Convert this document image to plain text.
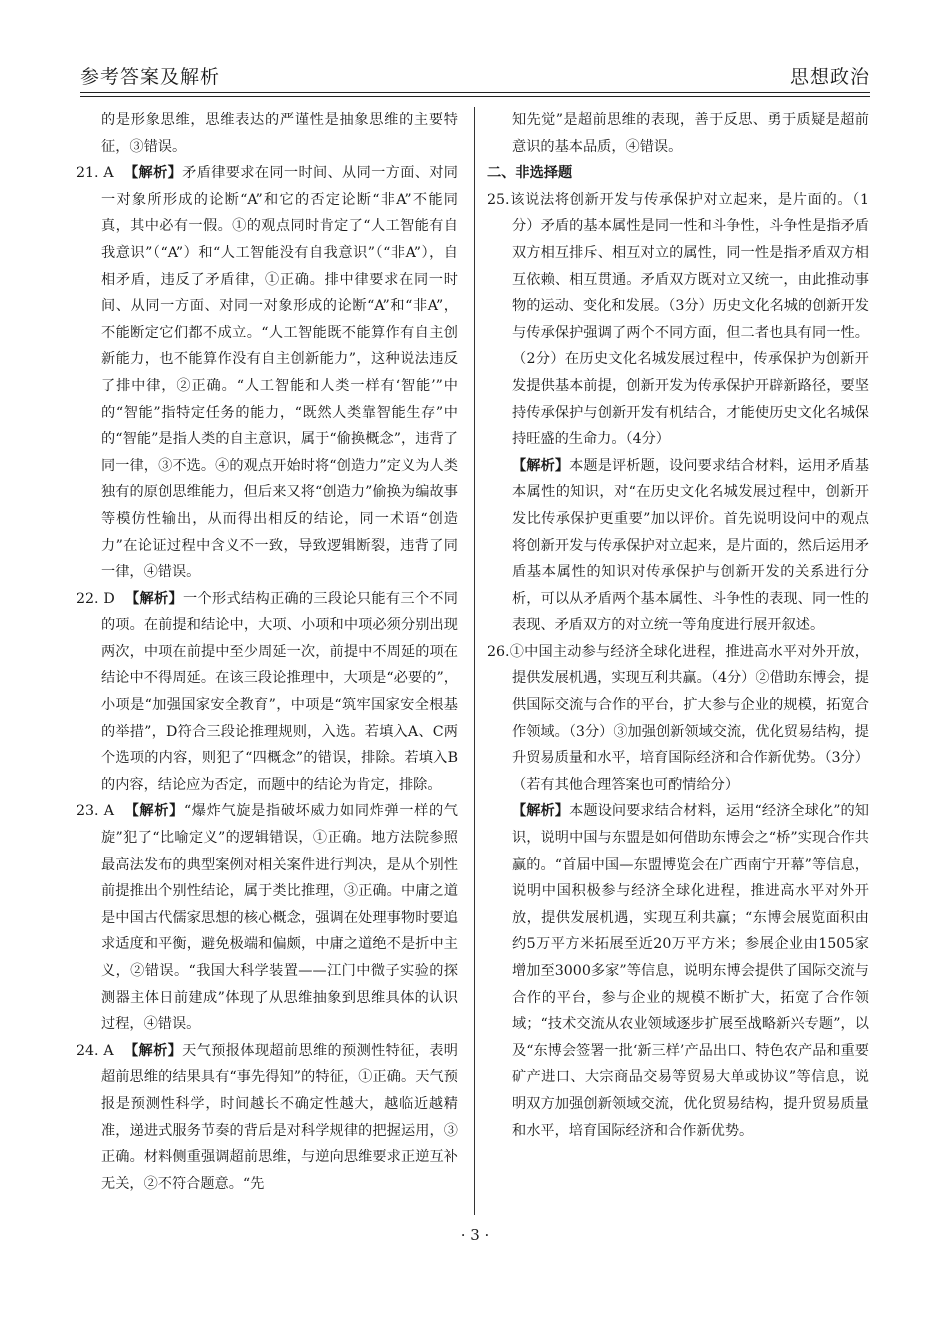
参考答案及解析	思想政治

的是形象思维，思维表达的严谨性是抽象思维的主要特征，③错误。

21. A 【解析】矛盾律要求在同一时间、从同一方面、对同一对象所形成的论断“A”和它的否定论断“非A”不能同真，其中必有一假。①的观点同时肯定了“人工智能有自我意识”（“A”）和“人工智能没有自我意识”（“非A”），自相矛盾，违反了矛盾律，①正确。排中律要求在同一时间、从同一方面、对同一对象形成的论断“A”和“非A”，不能断定它们都不成立。“人工智能既不能算作有自主创新能力，也不能算作没有自主创新能力”，这种说法违反了排中律，②正确。“人工智能和人类一样有‘智能’”中的“智能”指特定任务的能力，“既然人类靠智能生存”中的“智能”是指人类的自主意识，属于“偷换概念”，违背了同一律，③不选。④的观点开始时将“创造力”定义为人类独有的原创思维能力，但后来又将“创造力”偷换为编故事等模仿性输出，从而得出相反的结论，同一术语“创造力”在论证过程中含义不一致，导致逻辑断裂，违背了同一律，④错误。

22. D 【解析】一个形式结构正确的三段论只能有三个不同的项。在前提和结论中，大项、小项和中项必须分别出现两次，中项在前提中至少周延一次，前提中不周延的项在结论中不得周延。在该三段论推理中，大项是“必要的”，小项是“加强国家安全教育”，中项是“筑牢国家安全根基的举措”，D符合三段论推理规则，入选。若填入A、C两个选项的内容，则犯了“四概念”的错误，排除。若填入B的内容，结论应为否定，而题中的结论为肯定，排除。

23. A 【解析】“爆炸气旋是指破坏威力如同炸弹一样的气旋”犯了“比喻定义”的逻辑错误，①正确。地方法院参照最高法发布的典型案例对相关案件进行判决，是从个别性前提推出个别性结论，属于类比推理，③正确。中庸之道是中国古代儒家思想的核心概念，强调在处理事物时要追求适度和平衡，避免极端和偏颇，中庸之道绝不是折中主义，②错误。“我国大科学装置——江门中微子实验的探测器主体日前建成”体现了从思维抽象到思维具体的认识过程，④错误。

24. A 【解析】天气预报体现超前思维的预测性特征，表明超前思维的结果具有“事先得知”的特征，①正确。天气预报是预测性科学，时间越长不确定性越大，越临近越精准，递进式服务节奏的背后是对科学规律的把握运用，③正确。材料侧重强调超前思维，与逆向思维要求正逆互补无关，②不符合题意。“先

知先觉”是超前思维的表现，善于反思、勇于质疑是超前意识的基本品质，④错误。

二、非选择题

25.该说法将创新开发与传承保护对立起来，是片面的。（1分）矛盾的基本属性是同一性和斗争性，斗争性是指矛盾双方相互排斥、相互对立的属性，同一性是指矛盾双方相互依赖、相互贯通。矛盾双方既对立又统一，由此推动事物的运动、变化和发展。（3分）历史文化名城的创新开发与传承保护强调了两个不同方面，但二者也具有同一性。（2分）在历史文化名城发展过程中，传承保护为创新开发提供基本前提，创新开发为传承保护开辟新路径，要坚持传承保护与创新开发有机结合，才能使历史文化名城保持旺盛的生命力。（4分）

【解析】本题是评析题，设问要求结合材料，运用矛盾基本属性的知识，对“在历史文化名城发展过程中，创新开发比传承保护更重要”加以评价。首先说明设问中的观点将创新开发与传承保护对立起来，是片面的，然后运用矛盾基本属性的知识对传承保护与创新开发的关系进行分析，可以从矛盾两个基本属性、斗争性的表现、同一性的表现、矛盾双方的对立统一等角度进行展开叙述。

26.①中国主动参与经济全球化进程，推进高水平对外开放，提供发展机遇，实现互利共赢。（4分）②借助东博会，提供国际交流与合作的平台，扩大参与企业的规模，拓宽合作领域。（3分）③加强创新领域交流，优化贸易结构，提升贸易质量和水平，培育国际经济和合作新优势。（3分）（若有其他合理答案也可酌情给分）

【解析】本题设问要求结合材料，运用“经济全球化”的知识，说明中国与东盟是如何借助东博会之“桥”实现合作共赢的。“首届中国—东盟博览会在广西南宁开幕”等信息，说明中国积极参与经济全球化进程，推进高水平对外开放，提供发展机遇，实现互利共赢；“东博会展览面积由约5万平方米拓展至近20万平方米；参展企业由1505家增加至3000多家”等信息，说明东博会提供了国际交流与合作的平台，参与企业的规模不断扩大，拓宽了合作领域；“技术交流从农业领域逐步扩展至战略新兴专题”，以及“东博会签署一批‘新三样’产品出口、特色农产品和重要矿产进口、大宗商品交易等贸易大单或协议”等信息，说明双方加强创新领域交流，优化贸易结构，提升贸易质量和水平，培育国际经济和合作新优势。

· 3 ·
